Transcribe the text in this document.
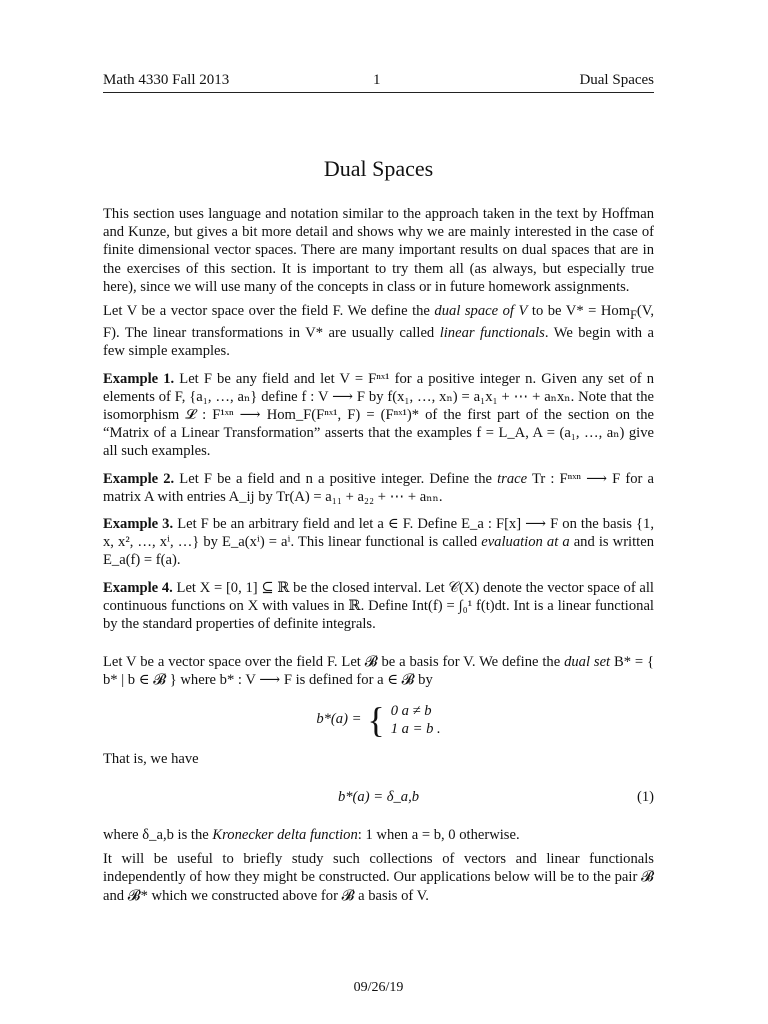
Math 4330 Fall 2013	1	Dual Spaces
Dual Spaces

This section uses language and notation similar to the approach taken in the text by Hoffman and Kunze, but gives a bit more detail and shows why we are mainly interested in the case of finite dimensional vector spaces. There are many important results on dual spaces that are in the exercises of this section. It is important to try them all (as always, but especially true here), since we will use many of the concepts in class or in future homework assignments.

Let V be a vector space over the field F. We define the dual space of V to be V* = Hom$_F$(V, F). The linear transformations in V* are usually called linear functionals. We begin with a few simple examples.

Example 1. Let F be any field and let V = Fⁿˣ¹ for a positive integer n. Given any set of n elements of F, {a₁, …, aₙ} define f : V ⟶ F by f(x₁, …, xₙ) = a₁x₁ + ⋯ + aₙxₙ. Note that the isomorphism 𝓛 : F¹ˣⁿ ⟶ Hom_F(Fⁿˣ¹, F) = (Fⁿˣ¹)* of the first part of the section on the “Matrix of a Linear Transformation” asserts that the examples f = L_A, A = (a₁, …, aₙ) give all such examples.

Example 2. Let F be a field and n a positive integer. Define the trace Tr : Fⁿˣⁿ ⟶ F for a matrix A with entries A_ij by Tr(A) = a₁₁ + a₂₂ + ⋯ + aₙₙ.

Example 3. Let F be an arbitrary field and let a ∈ F. Define E_a : F[x] ⟶ F on the basis {1, x, x², …, xⁱ, …} by E_a(xⁱ) = aⁱ. This linear functional is called evaluation at a and is written E_a(f) = f(a).

Example 4. Let X = [0, 1] ⊆ ℝ be the closed interval. Let 𝒞(X) denote the vector space of all continuous functions on X with values in ℝ. Define Int(f) = ∫₀¹ f(t)dt. Int is a linear functional by the standard properties of definite integrals.

Let V be a vector space over the field F. Let 𝓑 be a basis for V. We define the dual set B* = { b* | b ∈ 𝓑 } where b* : V ⟶ F is defined for a ∈ 𝓑 by

b*(a) = { 0 a ≠ b
1 a = b .

That is, we have

b*(a) = δ_a,b	(1)

where δ_a,b is the Kronecker delta function: 1 when a = b, 0 otherwise.

It will be useful to briefly study such collections of vectors and linear functionals independently of how they might be constructed. Our applications below will be to the pair 𝓑 and 𝓑* which we constructed above for 𝓑 a basis of V.

09/26/19
